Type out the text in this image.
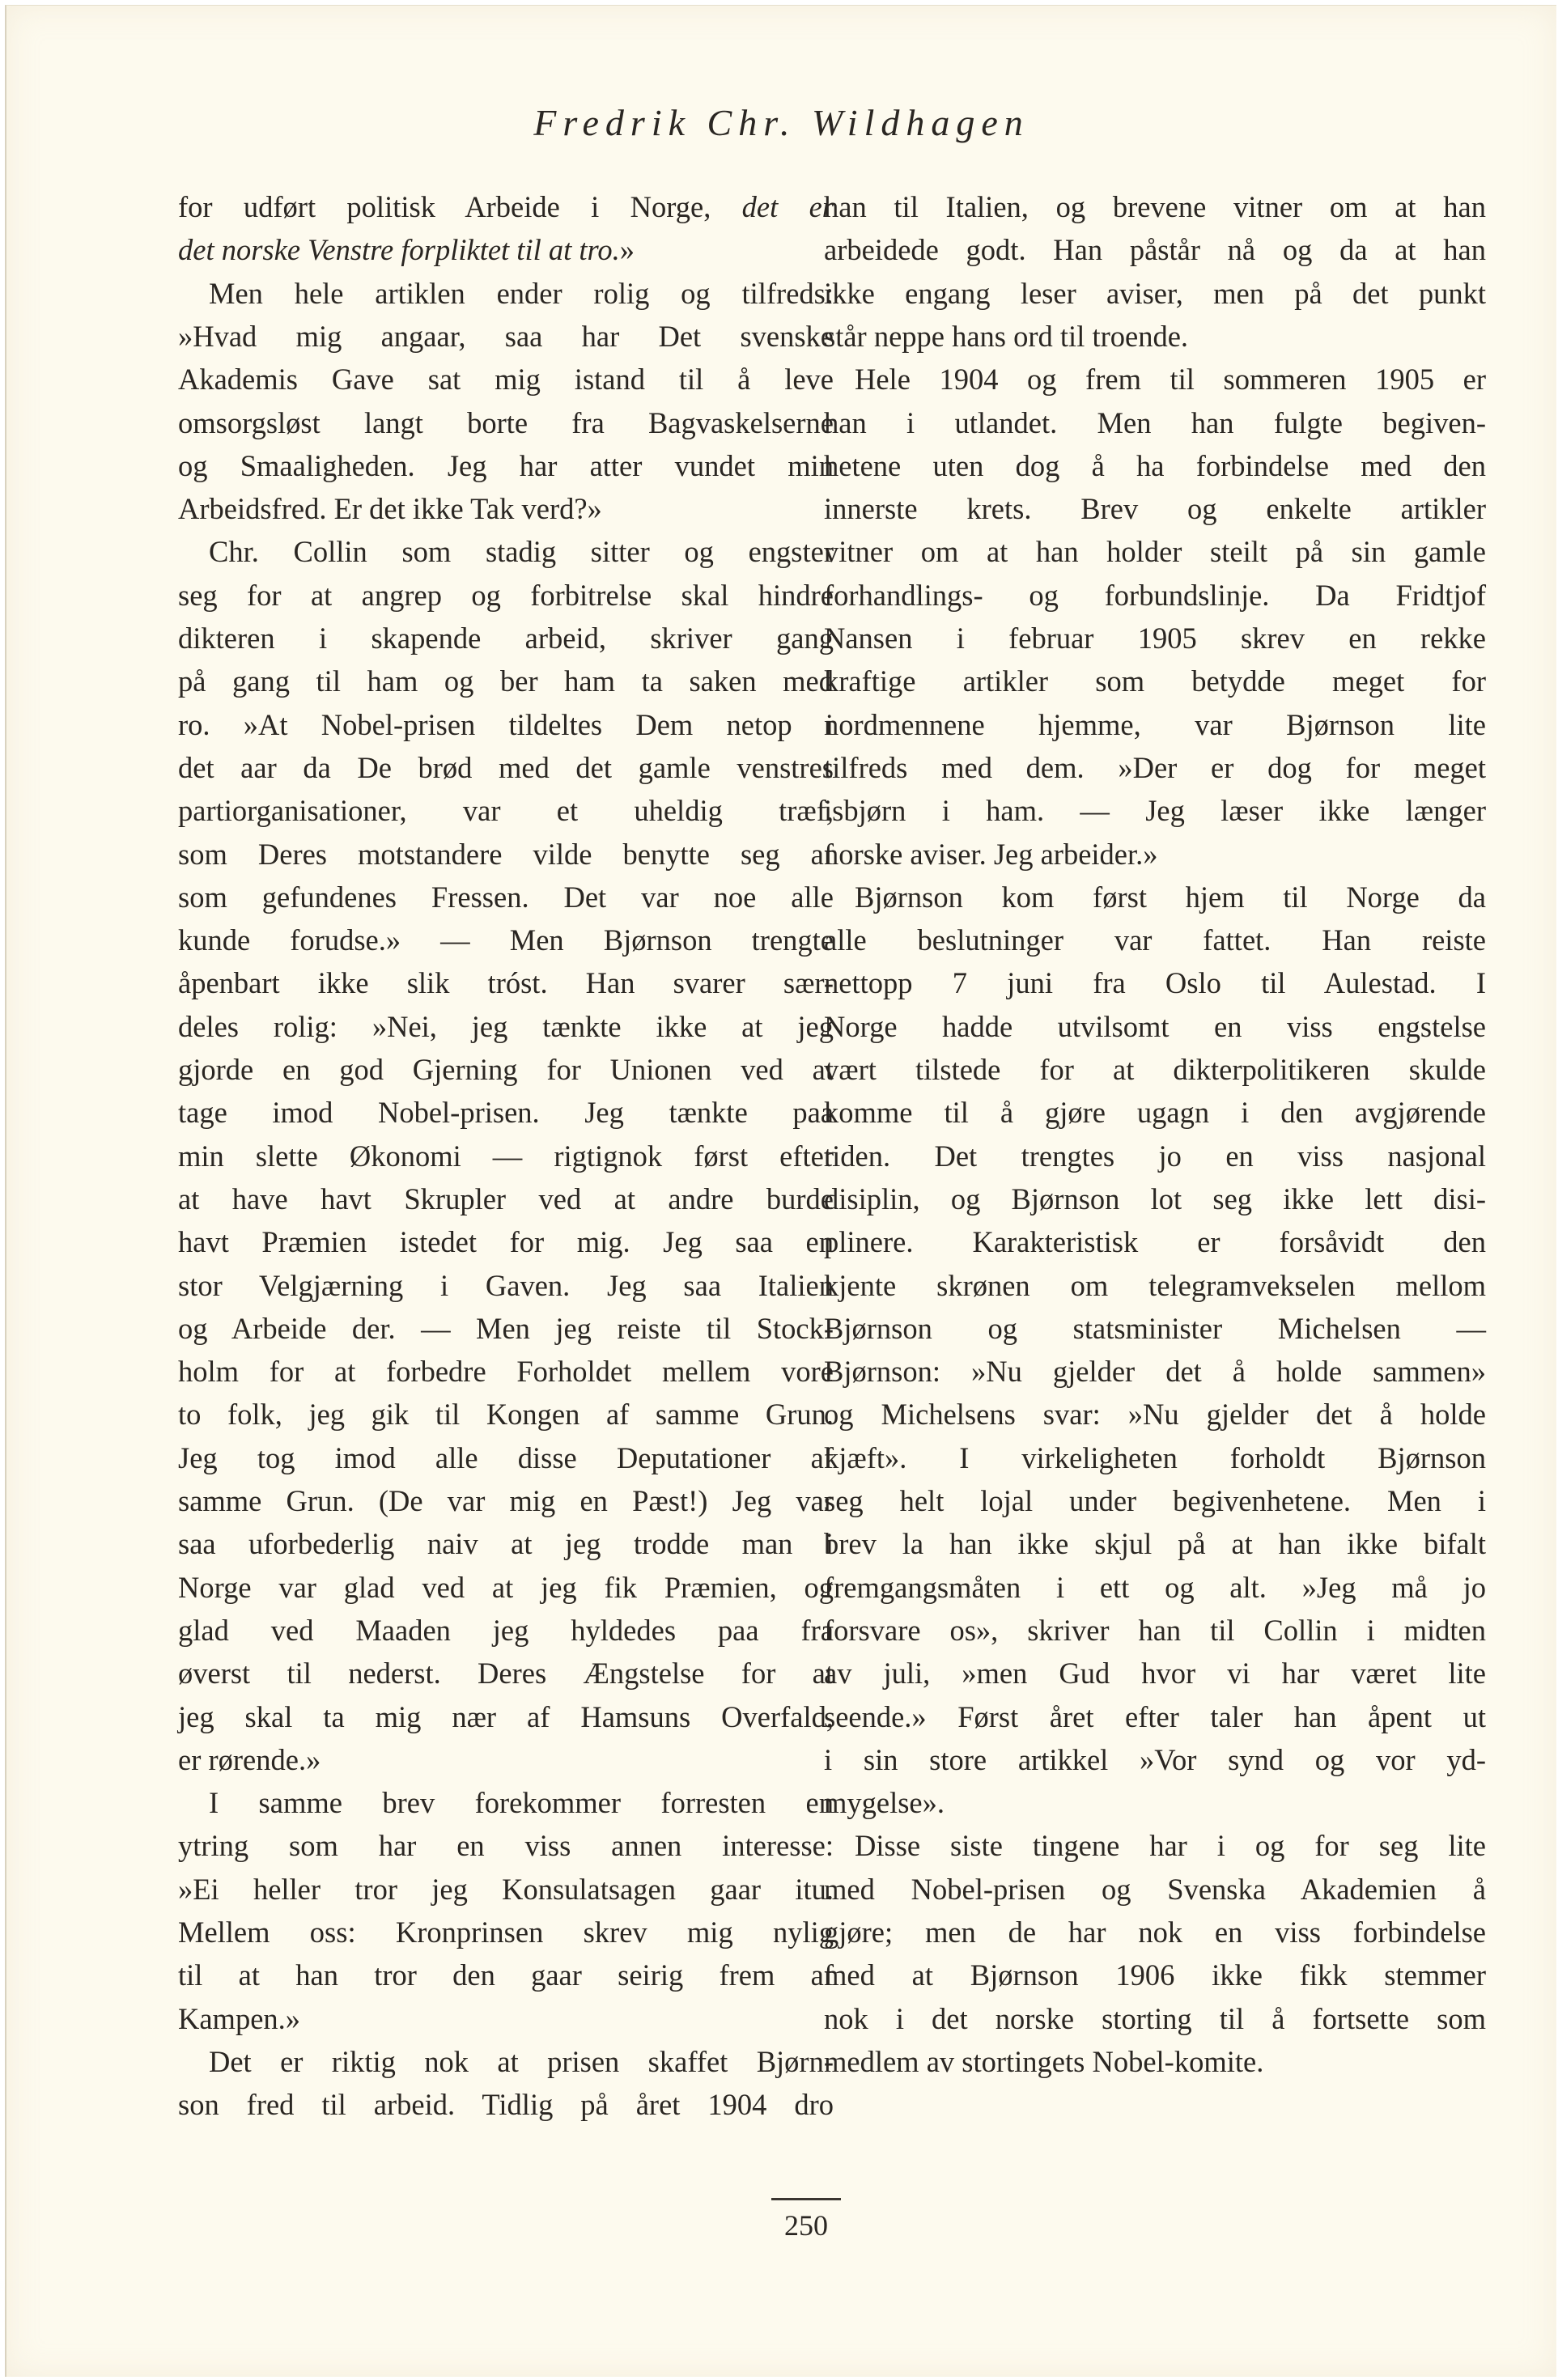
Fredrik Chr. Wildhagen
for udført politisk Arbeide i Norge, det er
det norske Venstre forpliktet til at tro.»
Men hele artiklen ender rolig og tilfreds:
»Hvad mig angaar, saa har Det svenske
Akademis Gave sat mig istand til å leve
omsorgsløst langt borte fra Bagvaskelserne
og Smaaligheden. Jeg har atter vundet min
Arbeidsfred. Er det ikke Tak verd?»
Chr. Collin som stadig sitter og engster
seg for at angrep og forbitrelse skal hindre
dikteren i skapende arbeid, skriver gang
på gang til ham og ber ham ta saken med
ro. »At Nobel-prisen tildeltes Dem netop i
det aar da De brød med det gamle venstres
partiorganisationer, var et uheldig træf,
som Deres motstandere vilde benytte seg af
som gefundenes Fressen. Det var noe alle
kunde forudse.» — Men Bjørnson trengte
åpenbart ikke slik tróst. Han svarer sær-
deles rolig: »Nei, jeg tænkte ikke at jeg
gjorde en god Gjerning for Unionen ved at
tage imod Nobel-prisen. Jeg tænkte paa
min slette Økonomi — rigtignok først efter
at have havt Skrupler ved at andre burde
havt Præmien istedet for mig. Jeg saa en
stor Velgjærning i Gaven. Jeg saa Italien
og Arbeide der. — Men jeg reiste til Stock-
holm for at forbedre Forholdet mellem vore
to folk, jeg gik til Kongen af samme Grun.
Jeg tog imod alle disse Deputationer af
samme Grun. (De var mig en Pæst!) Jeg var
saa uforbederlig naiv at jeg trodde man i
Norge var glad ved at jeg fik Præmien, og
glad ved Maaden jeg hyldedes paa fra
øverst til nederst. Deres Ængstelse for at
jeg skal ta mig nær af Hamsuns Overfald,
er rørende.»
I samme brev forekommer forresten en
ytring som har en viss annen interesse:
»Ei heller tror jeg Konsulatsagen gaar itu.
Mellem oss: Kronprinsen skrev mig nylig
til at han tror den gaar seirig frem af
Kampen.»
Det er riktig nok at prisen skaffet Bjørn-
son fred til arbeid. Tidlig på året 1904 dro
han til Italien, og brevene vitner om at han
arbeidede godt. Han påstår nå og da at han
ikke engang leser aviser, men på det punkt
står neppe hans ord til troende.
Hele 1904 og frem til sommeren 1905 er
han i utlandet. Men han fulgte begiven-
hetene uten dog å ha forbindelse med den
innerste krets. Brev og enkelte artikler
vitner om at han holder steilt på sin gamle
forhandlings- og forbundslinje. Da Fridtjof
Nansen i februar 1905 skrev en rekke
kraftige artikler som betydde meget for
nordmennene hjemme, var Bjørnson lite
tilfreds med dem. »Der er dog for meget
isbjørn i ham. — Jeg læser ikke længer
norske aviser. Jeg arbeider.»
Bjørnson kom først hjem til Norge da
alle beslutninger var fattet. Han reiste
nettopp 7 juni fra Oslo til Aulestad. I
Norge hadde utvilsomt en viss engstelse
vært tilstede for at dikterpolitikeren skulde
komme til å gjøre ugagn i den avgjørende
tiden. Det trengtes jo en viss nasjonal
disiplin, og Bjørnson lot seg ikke lett disi-
plinere. Karakteristisk er forsåvidt den
kjente skrønen om telegramvekselen mellom
Bjørnson og statsminister Michelsen —
Bjørnson: »Nu gjelder det å holde sammen»
og Michelsens svar: »Nu gjelder det å holde
kjæft». I virkeligheten forholdt Bjørnson
seg helt lojal under begivenhetene. Men i
brev la han ikke skjul på at han ikke bifalt
fremgangsmåten i ett og alt. »Jeg må jo
forsvare os», skriver han til Collin i midten
av juli, »men Gud hvor vi har været lite
seende.» Først året efter taler han åpent ut
i sin store artikkel »Vor synd og vor yd-
mygelse».
Disse siste tingene har i og for seg lite
med Nobel-prisen og Svenska Akademien å
gjøre; men de har nok en viss forbindelse
med at Bjørnson 1906 ikke fikk stemmer
nok i det norske storting til å fortsette som
medlem av stortingets Nobel-komite.
250
